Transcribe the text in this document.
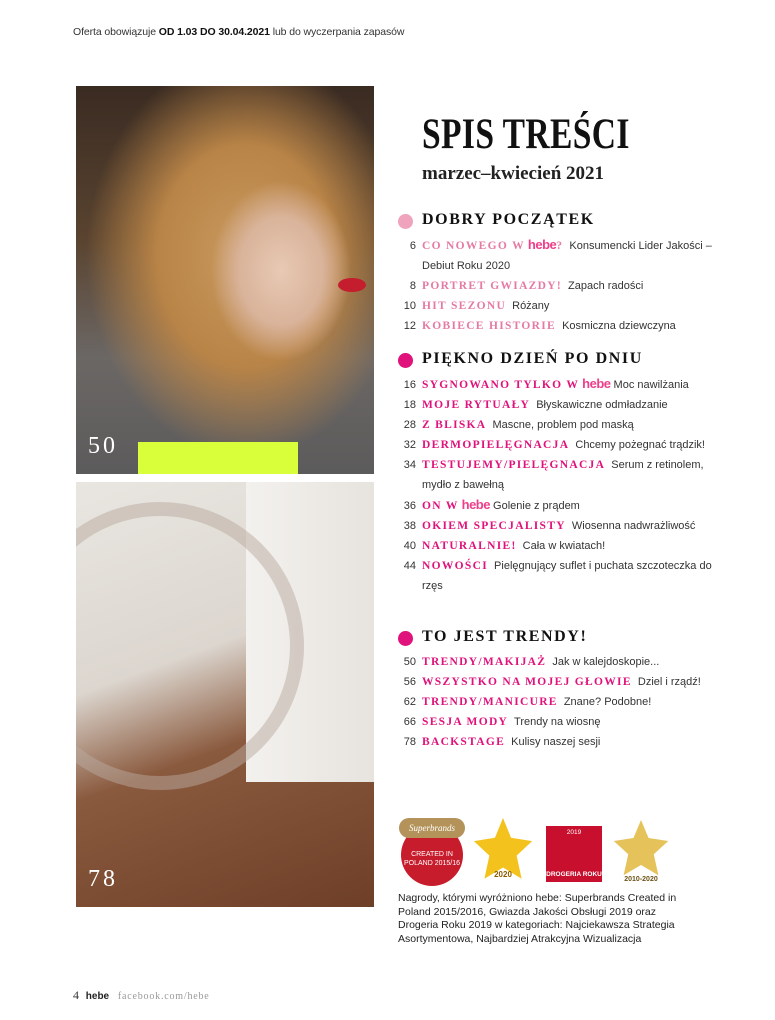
Oferta obowiązuje OD 1.03 DO 30.04.2021 lub do wyczerpania zapasów
50
78
SPIS TREŚCI
marzec–kwiecień 2021
DOBRY POCZĄTEK
6 CO NOWEGO W hebe? Konsumencki Lider Jakości – Debiut Roku 2020
8 PORTRET GWIAZDY! Zapach radości
10 HIT SEZONU Różany
12 KOBIECE HISTORIE Kosmiczna dziewczyna
PIĘKNO DZIEŃ PO DNIU
16 SYGNOWANO TYLKO W hebe Moc nawilżania
18 MOJE RYTUAŁY Błyskawiczne odmładzanie
28 Z BLISKA Mascne, problem pod maską
32 DERMOPIELĘGNACJA Chcemy pożegnać trądzik!
34 TESTUJEMY/PIELĘGNACJA Serum z retinolem, mydło z bawełną
36 ON W hebe Golenie z prądem
38 OKIEM SPECJALISTY Wiosenna nadwrażliwość
40 NATURALNIE! Cała w kwiatach!
44 NOWOŚCI Pielęgnujący suflet i puchata szczoteczka do rzęs
TO JEST TRENDY!
50 TRENDY/MAKIJAŻ Jak w kalejdoskopie...
56 WSZYSTKO NA MOJEJ GŁOWIE Dziel i rządź!
62 TRENDY/MANICURE Znane? Podobne!
66 SESJA MODY Trendy na wiosnę
78 BACKSTAGE Kulisy naszej sesji
Superbrands
CREATED IN POLAND 2015/16
2020
2019
DROGERIA ROKU
2010-2020
Nagrody, którymi wyróżniono hebe: Superbrands Created in Poland 2015/2016, Gwiazda Jakości Obsługi 2019 oraz Drogeria Roku 2019 w kategoriach: Najciekawsza Strategia Asortymentowa, Najbardziej Atrakcyjna Wizualizacja
4 hebe facebook.com/hebe
